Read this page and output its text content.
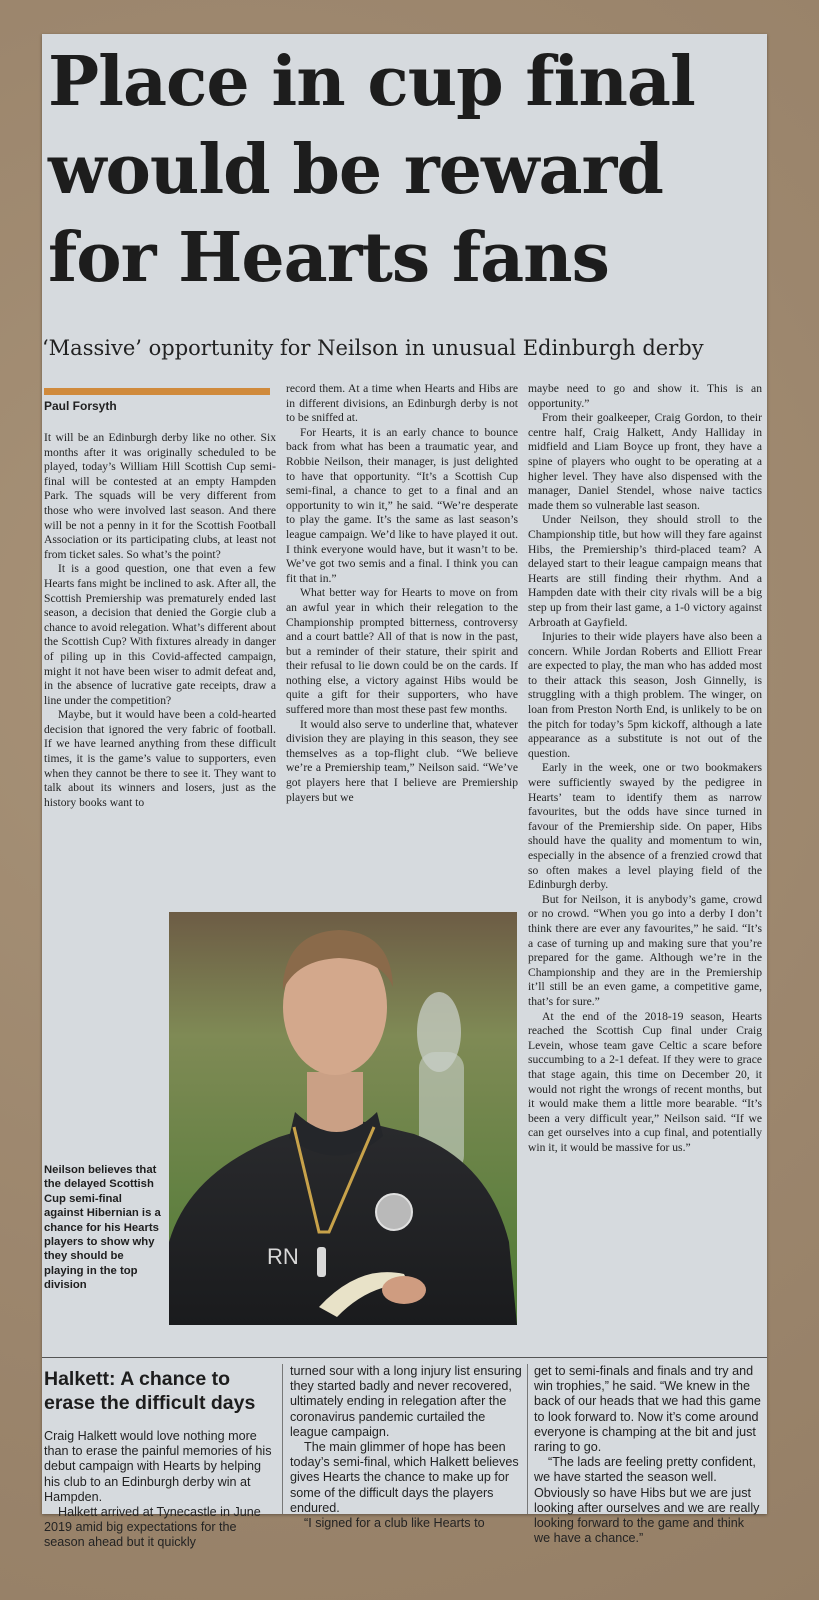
Place in cup final
would be reward
for Hearts fans
‘Massive’ opportunity for Neilson in unusual Edinburgh derby
Paul Forsyth

It will be an Edinburgh derby like no other. Six months after it was originally scheduled to be played, today’s William Hill Scottish Cup semi-final will be contested at an empty Hampden Park. The squads will be very different from those who were involved last season. And there will be not a penny in it for the Scottish Football Association or its participating clubs, at least not from ticket sales. So what’s the point?

It is a good question, one that even a few Hearts fans might be inclined to ask. After all, the Scottish Premiership was prematurely ended last season, a decision that denied the Gorgie club a chance to avoid relegation. What’s different about the Scottish Cup? With fixtures already in danger of piling up in this Covid-affected campaign, might it not have been wiser to admit defeat and, in the absence of lucrative gate receipts, draw a line under the competition?

Maybe, but it would have been a cold-hearted decision that ignored the very fabric of football. If we have learned anything from these difficult times, it is the game’s value to supporters, even when they cannot be there to see it. They want to talk about its winners and losers, just as the history books want to

record them. At a time when Hearts and Hibs are in different divisions, an Edinburgh derby is not to be sniffed at.

For Hearts, it is an early chance to bounce back from what has been a traumatic year, and Robbie Neilson, their manager, is just delighted to have that opportunity. “It’s a Scottish Cup semi-final, a chance to get to a final and an opportunity to win it,” he said. “We’re desperate to play the game. It’s the same as last season’s league campaign. We’d like to have played it out. I think everyone would have, but it wasn’t to be. We’ve got two semis and a final. I think you can fit that in.”

What better way for Hearts to move on from an awful year in which their relegation to the Championship prompted bitterness, controversy and a court battle? All of that is now in the past, but a reminder of their stature, their spirit and their refusal to lie down could be on the cards. If nothing else, a victory against Hibs would be quite a gift for their supporters, who have suffered more than most these past few months.

It would also serve to underline that, whatever division they are playing in this season, they see themselves as a top-flight club. “We believe we’re a Premiership team,” Neilson said. “We’ve got players here that I believe are Premiership players but we

maybe need to go and show it. This is an opportunity.”

From their goalkeeper, Craig Gordon, to their centre half, Craig Halkett, Andy Halliday in midfield and Liam Boyce up front, they have a spine of players who ought to be operating at a higher level. They have also dispensed with the manager, Daniel Stendel, whose naive tactics made them so vulnerable last season.

Under Neilson, they should stroll to the Championship title, but how will they fare against Hibs, the Premiership’s third-placed team? A delayed start to their league campaign means that Hearts are still finding their rhythm. And a Hampden date with their city rivals will be a big step up from their last game, a 1-0 victory against Arbroath at Gayfield.

Injuries to their wide players have also been a concern. While Jordan Roberts and Elliott Frear are expected to play, the man who has added most to their attack this season, Josh Ginnelly, is struggling with a thigh problem. The winger, on loan from Preston North End, is unlikely to be on the pitch for today’s 5pm kickoff, although a late appearance as a substitute is not out of the question.

Early in the week, one or two bookmakers were sufficiently swayed by the pedigree in Hearts’ team to identify them as narrow favourites, but the odds have since turned in favour of the Premiership side. On paper, Hibs should have the quality and momentum to win, especially in the absence of a frenzied crowd that so often makes a level playing field of the Edinburgh derby.

But for Neilson, it is anybody’s game, crowd or no crowd. “When you go into a derby I don’t think there are ever any favourites,” he said. “It’s a case of turning up and making sure that you’re prepared for the game. Although we’re in the Championship and they are in the Premiership it’ll still be an even game, a competitive game, that’s for sure.”

At the end of the 2018-19 season, Hearts reached the Scottish Cup final under Craig Levein, whose team gave Celtic a scare before succumbing to a 2-1 defeat. If they were to grace that stage again, this time on December 20, it would not right the wrongs of recent months, but it would make them a little more bearable. “It’s been a very difficult year,” Neilson said. “If we can get ourselves into a cup final, and potentially win it, it would be massive for us.”

RN
Neilson believes that the delayed Scottish Cup semi-final against Hibernian is a chance for his Hearts players to show why they should be playing in the top division
Halkett: A chance to erase the difficult days

Craig Halkett would love nothing more than to erase the painful memories of his debut campaign with Hearts by helping his club to an Edinburgh derby win at Hampden.

Halkett arrived at Tynecastle in June 2019 amid big expectations for the season ahead but it quickly

turned sour with a long injury list ensuring they started badly and never recovered, ultimately ending in relegation after the coronavirus pandemic curtailed the league campaign.

The main glimmer of hope has been today’s semi-final, which Halkett believes gives Hearts the chance to make up for some of the difficult days the players endured.

“I signed for a club like Hearts to

get to semi-finals and finals and try and win trophies,” he said. “We knew in the back of our heads that we had this game to look forward to. Now it’s come around everyone is champing at the bit and just raring to go.

“The lads are feeling pretty confident, we have started the season well. Obviously so have Hibs but we are just looking after ourselves and we are really looking forward to the game and think we have a chance.”
